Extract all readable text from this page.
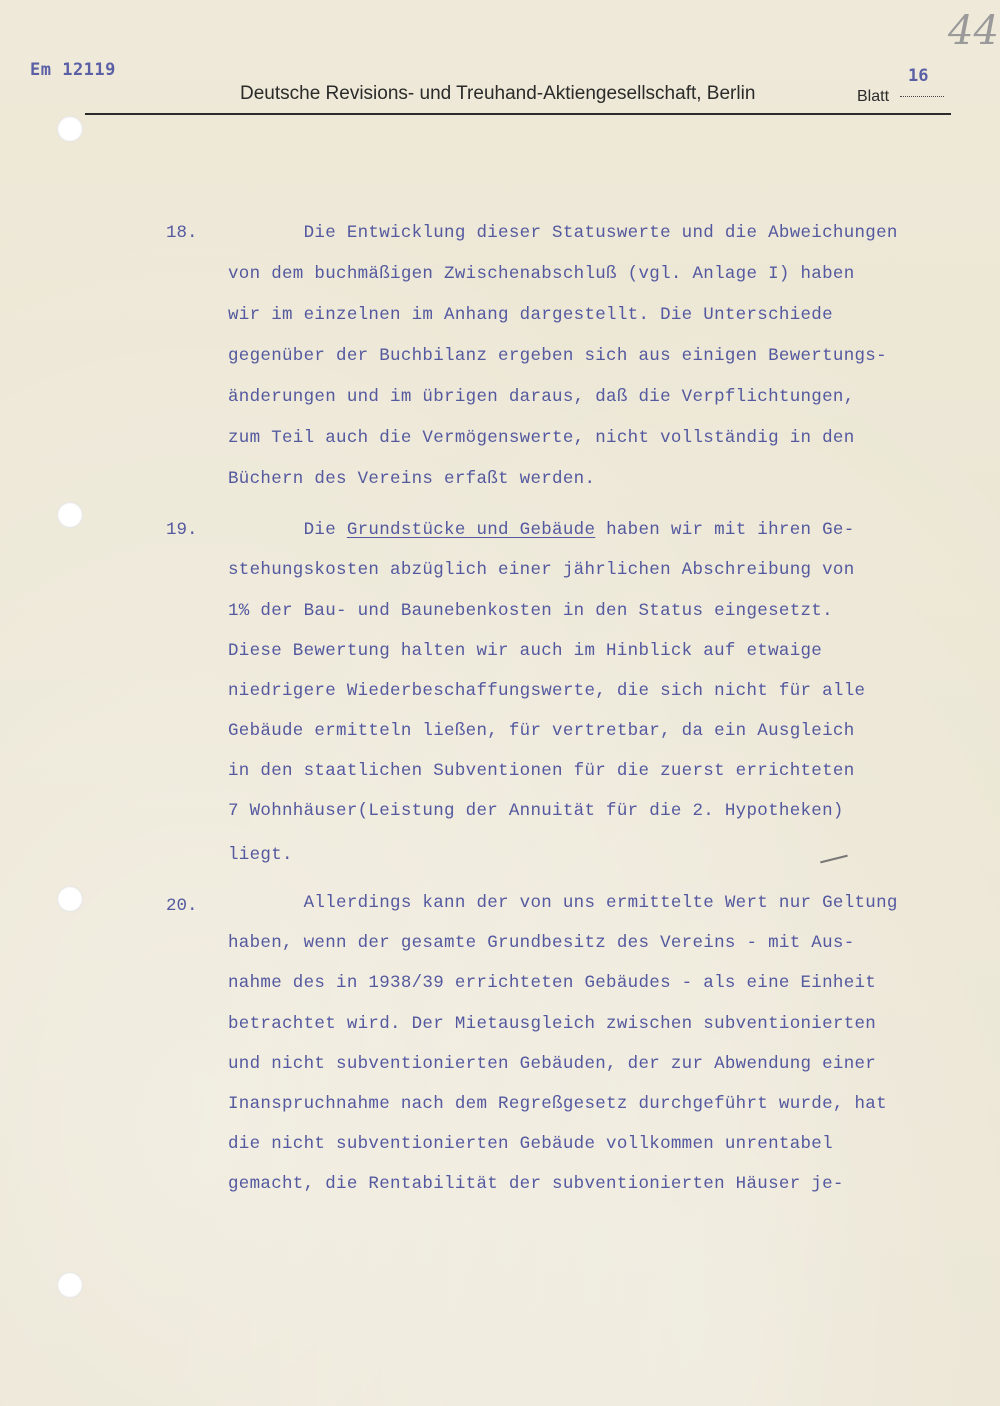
Em 12119
Deutsche Revisions- und Treuhand-Aktiengesellschaft, Berlin
16
Blatt
44
18. Die Entwicklung dieser Statuswerte und die Abweichungen
von dem buchmäßigen Zwischenabschluß (vgl. Anlage I) haben
wir im einzelnen im Anhang dargestellt. Die Unterschiede
gegenüber der Buchbilanz ergeben sich aus einigen Bewertungs-
änderungen und im übrigen daraus, daß die Verpflichtungen,
zum Teil auch die Vermögenswerte, nicht vollständig in den
Büchern des Vereins erfaßt werden.
19. Die Grundstücke und Gebäude haben wir mit ihren Ge-
stehungskosten abzüglich einer jährlichen Abschreibung von
1% der Bau- und Baunebenkosten in den Status eingesetzt.
Diese Bewertung halten wir auch im Hinblick auf etwaige
niedrigere Wiederbeschaffungswerte, die sich nicht für alle
Gebäude ermitteln ließen, für vertretbar, da ein Ausgleich
in den staatlichen Subventionen für die zuerst errichteten
7 Wohnhäuser(Leistung der Annuität für die 2. Hypotheken)
liegt.
20. Allerdings kann der von uns ermittelte Wert nur Geltung
haben, wenn der gesamte Grundbesitz des Vereins - mit Aus-
nahme des in 1938/39 errichteten Gebäudes - als eine Einheit
betrachtet wird. Der Mietausgleich zwischen subventionierten
und nicht subventionierten Gebäuden, der zur Abwendung einer
Inanspruchnahme nach dem Regreßgesetz durchgeführt wurde, hat
die nicht subventionierten Gebäude vollkommen unrentabel
gemacht, die Rentabilität der subventionierten Häuser je-
